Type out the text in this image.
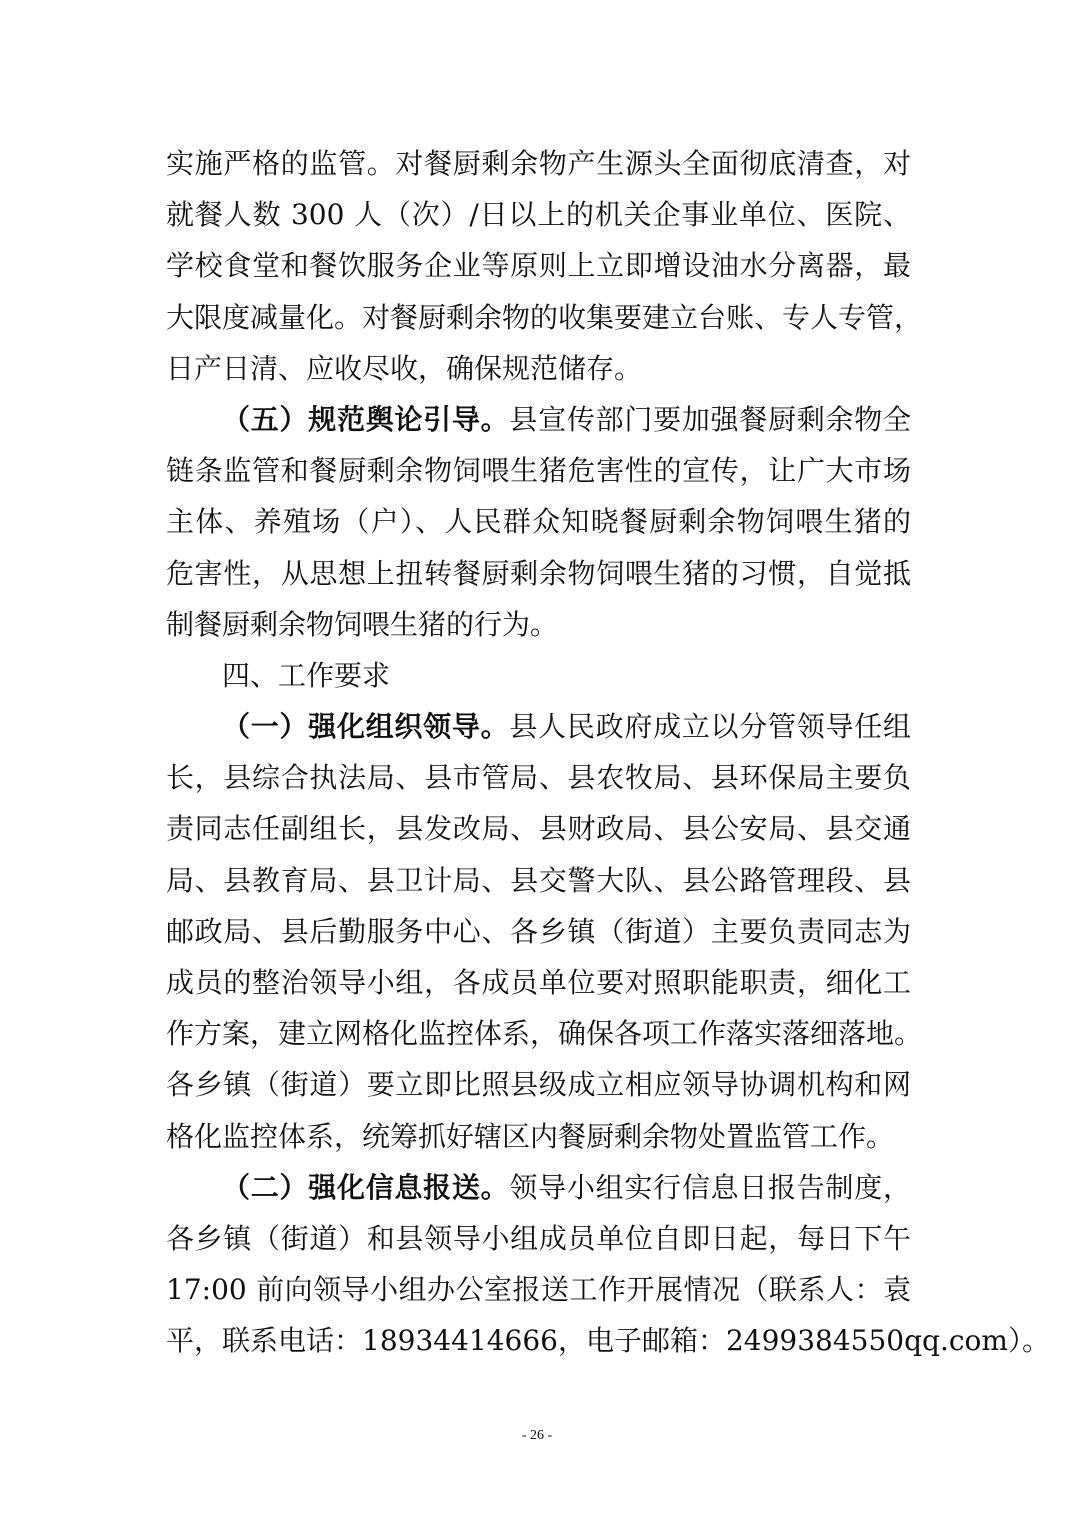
实施严格的监管。对餐厨剩余物产生源头全面彻底清查，对
就餐人数 300 人（次）/日以上的机关企事业单位、医院、
学校食堂和餐饮服务企业等原则上立即增设油水分离器，最
大限度减量化。对餐厨剩余物的收集要建立台账、专人专管，
日产日清、应收尽收，确保规范储存。
（五）规范舆论引导。县宣传部门要加强餐厨剩余物全
链条监管和餐厨剩余物饲喂生猪危害性的宣传，让广大市场
主体、养殖场（户）、人民群众知晓餐厨剩余物饲喂生猪的
危害性，从思想上扭转餐厨剩余物饲喂生猪的习惯，自觉抵
制餐厨剩余物饲喂生猪的行为。
四、工作要求
（一）强化组织领导。县人民政府成立以分管领导任组
长，县综合执法局、县市管局、县农牧局、县环保局主要负
责同志任副组长，县发改局、县财政局、县公安局、县交通
局、县教育局、县卫计局、县交警大队、县公路管理段、县
邮政局、县后勤服务中心、各乡镇（街道）主要负责同志为
成员的整治领导小组，各成员单位要对照职能职责，细化工
作方案，建立网格化监控体系，确保各项工作落实落细落地。
各乡镇（街道）要立即比照县级成立相应领导协调机构和网
格化监控体系，统筹抓好辖区内餐厨剩余物处置监管工作。
（二）强化信息报送。领导小组实行信息日报告制度，
各乡镇（街道）和县领导小组成员单位自即日起，每日下午
17:00 前向领导小组办公室报送工作开展情况（联系人：袁
平，联系电话：18934414666，电子邮箱：2499384550qq.com）。
- 26 -
